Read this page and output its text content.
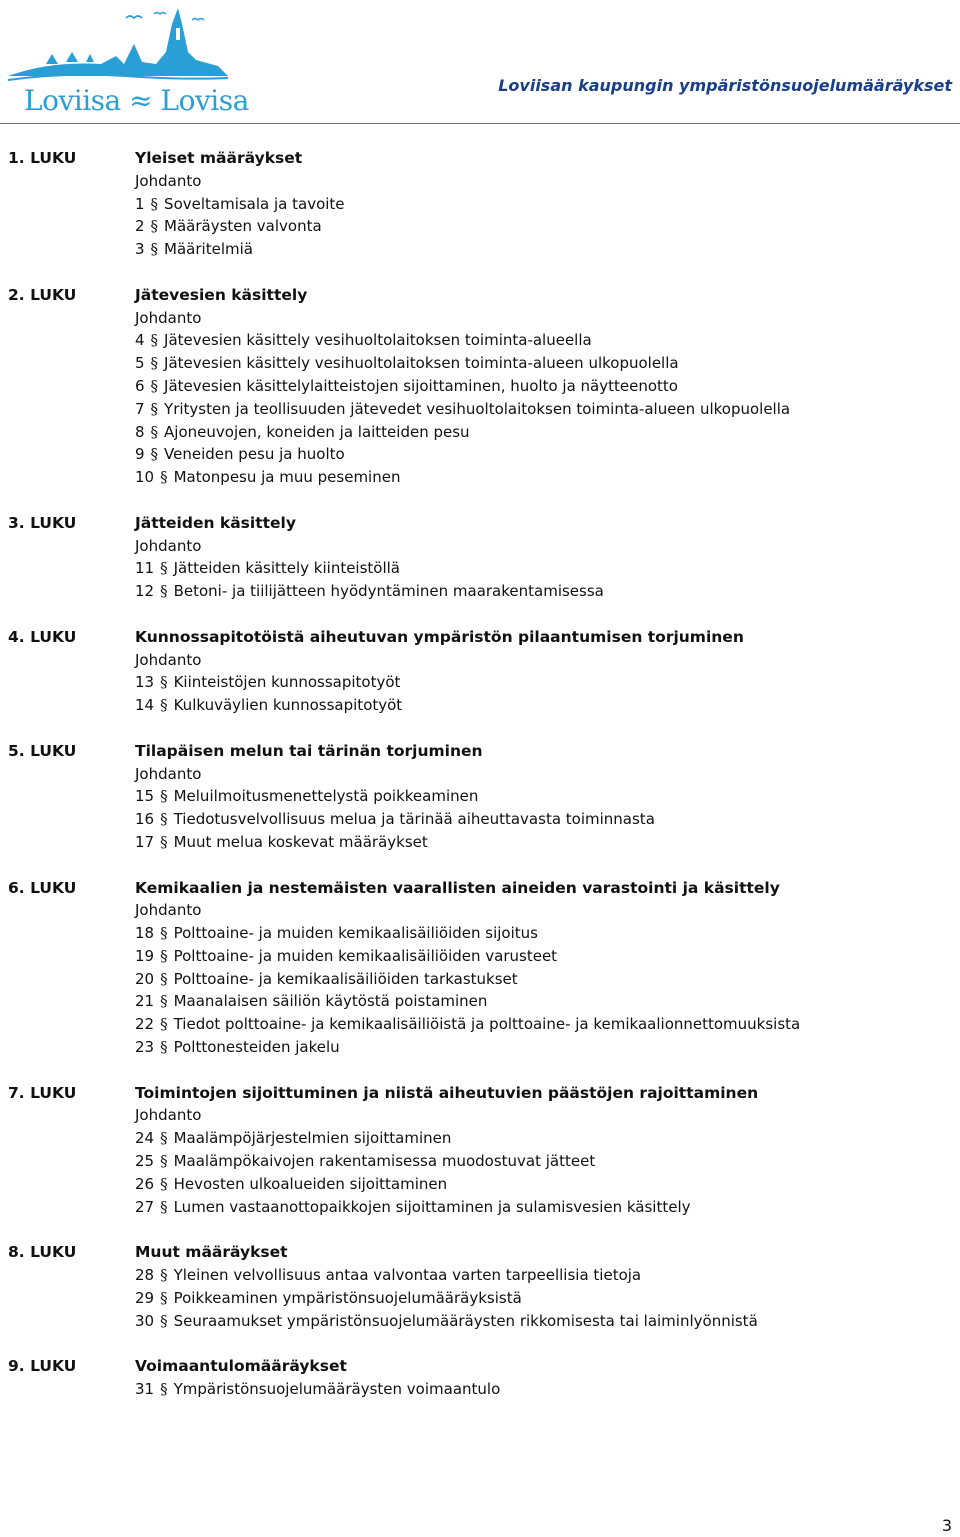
Loviisa ≈ Lovisa	Loviisan kaupungin ympäristönsuojelumääräykset
1. LUKU	Yleiset määräykset
Johdanto
1 § Soveltamisala ja tavoite
2 § Määräysten valvonta
3 § Määritelmiä
2. LUKU	Jätevesien käsittely
Johdanto
4 § Jätevesien käsittely vesihuoltolaitoksen toiminta-alueella
5 § Jätevesien käsittely vesihuoltolaitoksen toiminta-alueen ulkopuolella
6 § Jätevesien käsittelylaitteistojen sijoittaminen, huolto ja näytteenotto
7 § Yritysten ja teollisuuden jätevedet vesihuoltolaitoksen toiminta-alueen ulkopuolella
8 § Ajoneuvojen, koneiden ja laitteiden pesu
9 § Veneiden pesu ja huolto
10 § Matonpesu ja muu peseminen
3. LUKU	Jätteiden käsittely
Johdanto
11 § Jätteiden käsittely kiinteistöllä
12 § Betoni- ja tiilijätteen hyödyntäminen maarakentamisessa
4. LUKU	Kunnossapitotöistä aiheutuvan ympäristön pilaantumisen torjuminen
Johdanto
13 § Kiinteistöjen kunnossapitotyöt
14 § Kulkuväylien kunnossapitotyöt
5. LUKU	Tilapäisen melun tai tärinän torjuminen
Johdanto
15 § Meluilmoitusmenettelystä poikkeaminen
16 § Tiedotusvelvollisuus melua ja tärinää aiheuttavasta toiminnasta
17 § Muut melua koskevat määräykset
6. LUKU	Kemikaalien ja nestemäisten vaarallisten aineiden varastointi ja käsittely
Johdanto
18 § Polttoaine- ja muiden kemikaalisäiliöiden sijoitus
19 § Polttoaine- ja muiden kemikaalisäiliöiden varusteet
20 § Polttoaine- ja kemikaalisäiliöiden tarkastukset
21 § Maanalaisen säiliön käytöstä poistaminen
22 § Tiedot polttoaine- ja kemikaalisäiliöistä ja polttoaine- ja kemikaalionnettomuuksista
23 § Polttonesteiden jakelu
7. LUKU	Toimintojen sijoittuminen ja niistä aiheutuvien päästöjen rajoittaminen
Johdanto
24 § Maalämpöjärjestelmien sijoittaminen
25 § Maalämpökaivojen rakentamisessa muodostuvat jätteet
26 § Hevosten ulkoalueiden sijoittaminen
27 § Lumen vastaanottopaikkojen sijoittaminen ja sulamisvesien käsittely
8. LUKU	Muut määräykset
28 § Yleinen velvollisuus antaa valvontaa varten tarpeellisia tietoja
29 § Poikkeaminen ympäristönsuojelumääräyksistä
30 § Seuraamukset ympäristönsuojelumääräysten rikkomisesta tai laiminlyönnistä
9. LUKU	Voimaantulomääräykset
31 § Ympäristönsuojelumääräysten voimaantulo
3
